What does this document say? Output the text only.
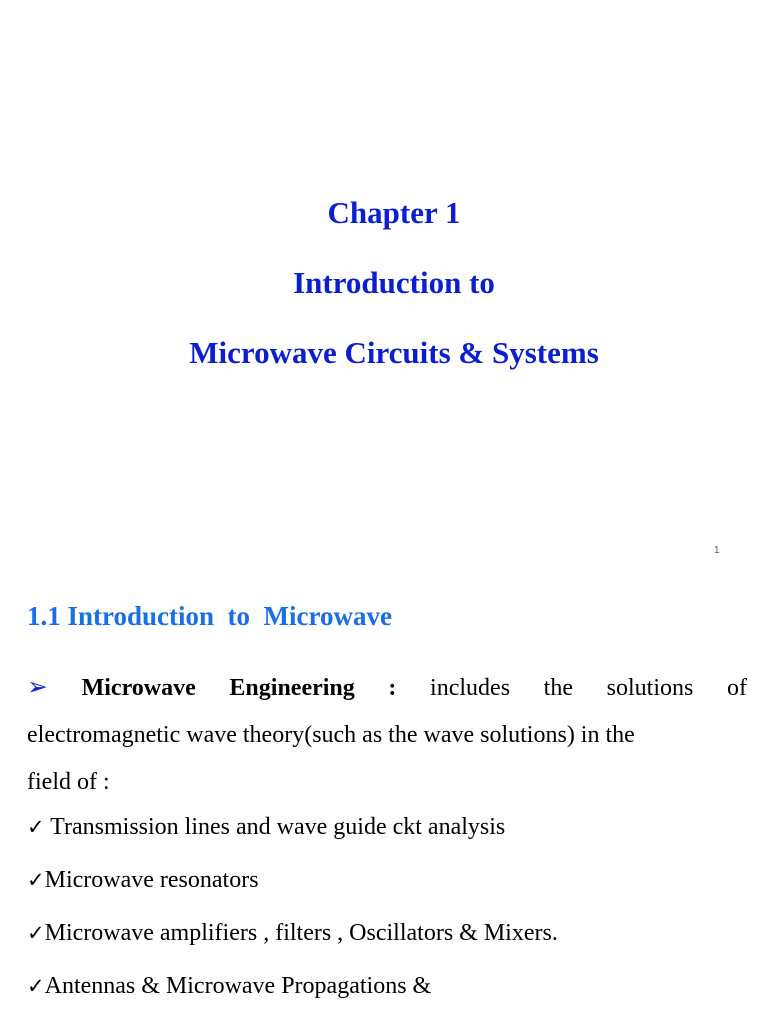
Chapter 1
Introduction to
Microwave Circuits & Systems
1
1.1 Introduction  to  Microwave
➢ Microwave Engineering : includes the solutions of
electromagnetic wave theory(such as the wave solutions) in the
field of :
✓ Transmission lines and wave guide ckt analysis
✓Microwave resonators
✓Microwave amplifiers , filters , Oscillators & Mixers.
✓Antennas & Microwave Propagations &
